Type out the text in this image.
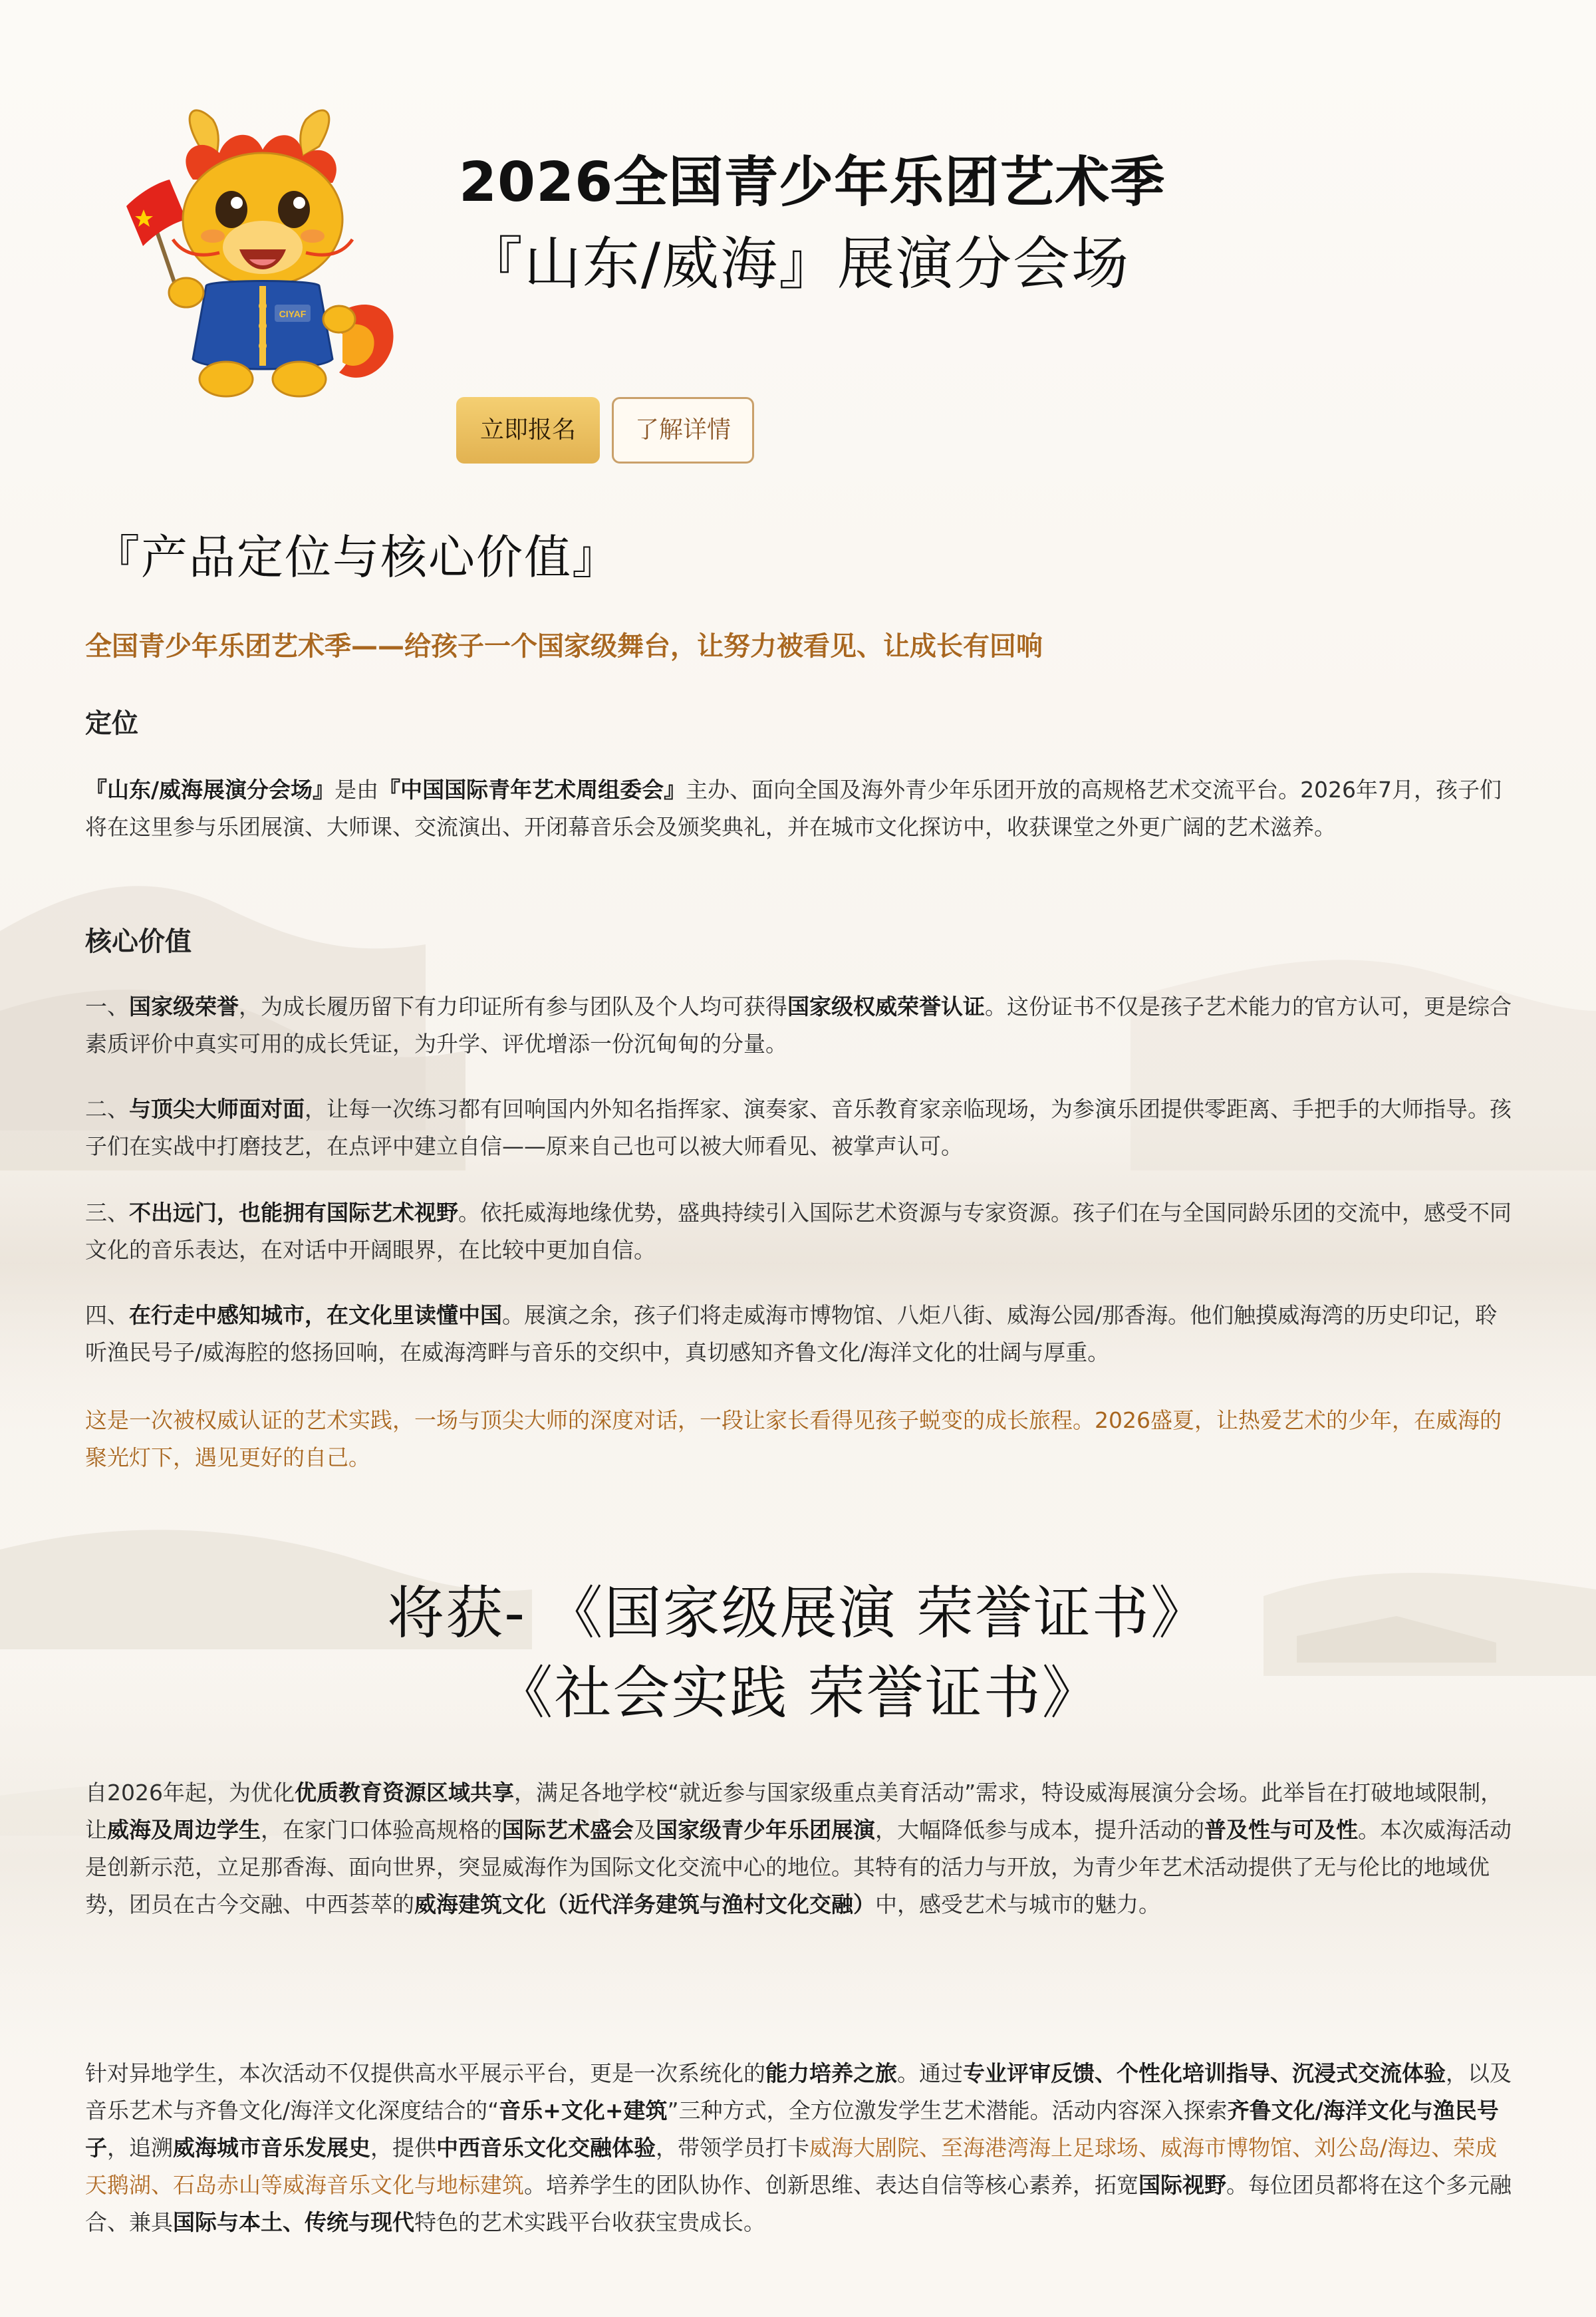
CIYAF
2026全国青少年乐团艺术季
『山东/威海』展演分会场
立即报名	了解详情
『产品定位与核心价值』

全国青少年乐团艺术季——给孩子一个国家级舞台，让努力被看见、让成长有回响

定位

『山东/威海展演分会场』是由『中国国际青年艺术周组委会』主办、面向全国及海外青少年乐团开放的高规格艺术交流平台。2026年7月，孩子们将在这里参与乐团展演、大师课、交流演出、开闭幕音乐会及颁奖典礼，并在城市文化探访中，收获课堂之外更广阔的艺术滋养。

核心价值

一、国家级荣誉，为成长履历留下有力印证所有参与团队及个人均可获得国家级权威荣誉认证。这份证书不仅是孩子艺术能力的官方认可，更是综合素质评价中真实可用的成长凭证，为升学、评优增添一份沉甸甸的分量。

二、与顶尖大师面对面，让每一次练习都有回响国内外知名指挥家、演奏家、音乐教育家亲临现场，为参演乐团提供零距离、手把手的大师指导。孩子们在实战中打磨技艺，在点评中建立自信——原来自己也可以被大师看见、被掌声认可。

三、不出远门，也能拥有国际艺术视野。依托威海地缘优势，盛典持续引入国际艺术资源与专家资源。孩子们在与全国同龄乐团的交流中，感受不同文化的音乐表达，在对话中开阔眼界，在比较中更加自信。

四、在行走中感知城市，在文化里读懂中国。展演之余，孩子们将走威海市博物馆、八炬八街、威海公园/那香海。他们触摸威海湾的历史印记，聆听渔民号子/威海腔的悠扬回响，在威海湾畔与音乐的交织中，真切感知齐鲁文化/海洋文化的壮阔与厚重。

这是一次被权威认证的艺术实践，一场与顶尖大师的深度对话，一段让家长看得见孩子蜕变的成长旅程。2026盛夏，让热爱艺术的少年，在威海的聚光灯下，遇见更好的自己。

将获- 《国家级展演 荣誉证书》
《社会实践 荣誉证书》

自2026年起，为优化优质教育资源区域共享，满足各地学校“就近参与国家级重点美育活动”需求，特设威海展演分会场。此举旨在打破地域限制，让威海及周边学生，在家门口体验高规格的国际艺术盛会及国家级青少年乐团展演，大幅降低参与成本，提升活动的普及性与可及性。本次威海活动是创新示范，立足那香海、面向世界，突显威海作为国际文化交流中心的地位。其特有的活力与开放，为青少年艺术活动提供了无与伦比的地域优势，团员在古今交融、中西荟萃的威海建筑文化（近代洋务建筑与渔村文化交融）中，感受艺术与城市的魅力。

针对异地学生，本次活动不仅提供高水平展示平台，更是一次系统化的能力培养之旅。通过专业评审反馈、个性化培训指导、沉浸式交流体验，以及音乐艺术与齐鲁文化/海洋文化深度结合的“音乐+文化+建筑”三种方式，全方位激发学生艺术潜能。活动内容深入探索齐鲁文化/海洋文化与渔民号子，追溯威海城市音乐发展史，提供中西音乐文化交融体验，带领学员打卡威海大剧院、至海港湾海上足球场、威海市博物馆、刘公岛/海边、荣成天鹅湖、石岛赤山等威海音乐文化与地标建筑。培养学生的团队协作、创新思维、表达自信等核心素养，拓宽国际视野。每位团员都将在这个多元融合、兼具国际与本土、传统与现代特色的艺术实践平台收获宝贵成长。
